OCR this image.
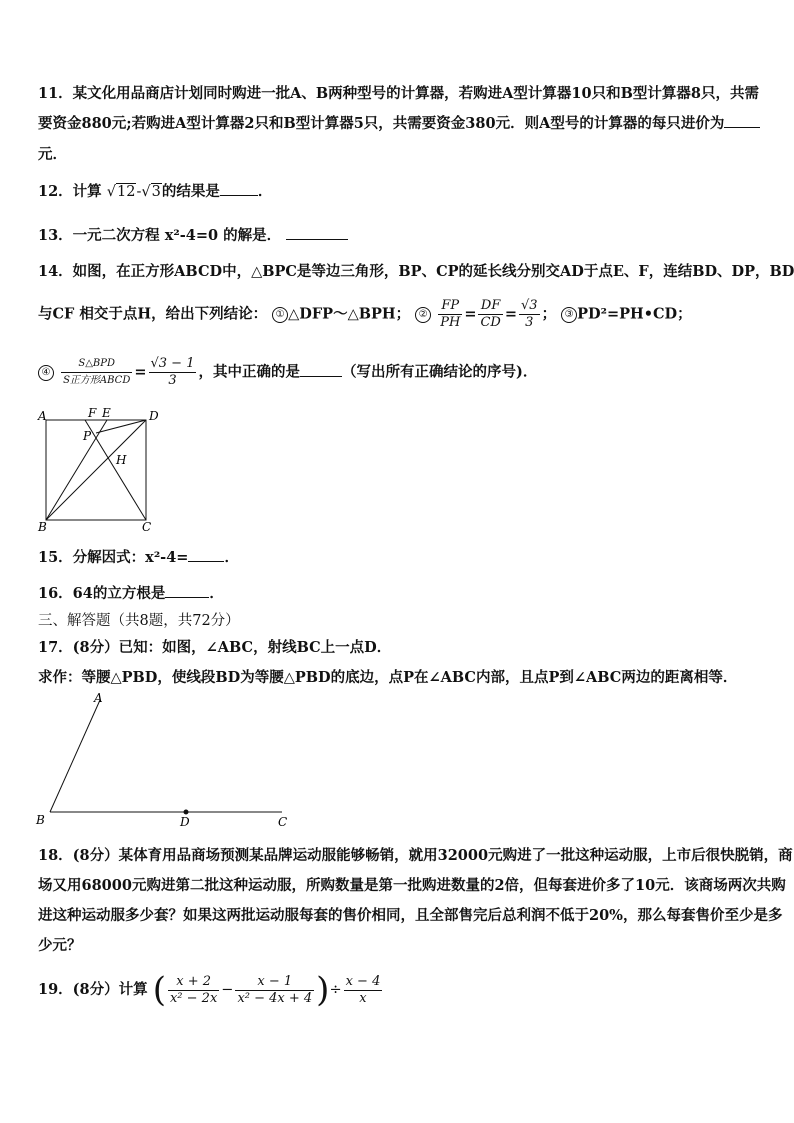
11．某文化用品商店计划同时购进一批A、B两种型号的计算器，若购进A型计算器10只和B型计算器8只，共需
要资金880元;若购进A型计算器2只和B型计算器5只，共需要资金380元．则A型号的计算器的每只进价为
元．
12．计算 √12-√3的结果是	．
13．一元二次方程 x²-4=0 的解是．
14．如图，在正方形ABCD中，△BPC是等边三角形，BP、CP的延长线分别交AD于点E、F，连结BD、DP，BD
与CF 相交于点H，给出下列结论： ① △DFP～△BPH； ② $\frac{FP}{PH} = \frac{DF}{CD} = \frac{√3}{3}$ ； ③ PD²=PH•CD；
④ $\frac{\text{S△BPD}}{\text{S正方形ABCD}} = \frac{√3 - 1}{3}$ ，其中正确的是	（写出所有正确结论的序号)．
A	D
B	C
F E
P
H
15．分解因式：x²-4= ．
16．64的立方根是	．
三、解答题（共8题，共72分）
17．(8分）已知：如图，∠ABC，射线BC上一点D．
求作：等腰△PBD，使线段BD为等腰△PBD的底边，点P在∠ABC内部，且点P到∠ABC两边的距离相等．
A
B	D	C
18．(8分）某体育用品商场预测某品牌运动服能够畅销，就用32000元购进了一批这种运动服，上市后很快脱销，商
场又用68000元购进第二批这种运动服，所购数量是第一批购进数量的2倍，但每套进价多了10元．该商场两次共购
进这种运动服多少套？如果这两批运动服每套的售价相同，且全部售完后总利润不低于20%，那么每套售价至少是多
少元？
19．(8分）计算 ( $\frac{x + 2}{\text{x² − 2x}} - \frac{x - 1}{\text{x² − 4x + 4}}$ )÷ $\frac{x - 4}{x}$
